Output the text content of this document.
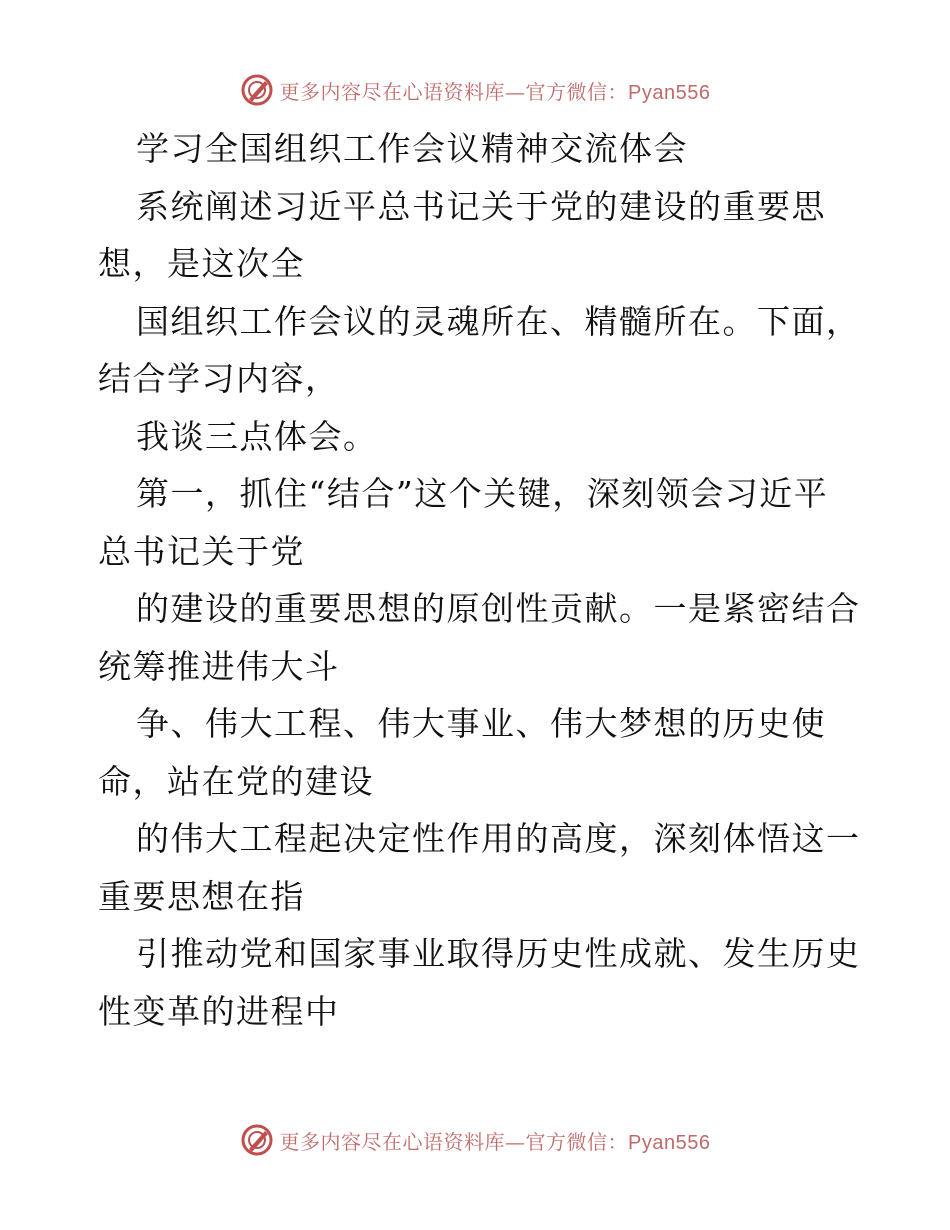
更多内容尽在心语资料库—官方微信：Pyan556
学习全国组织工作会议精神交流体会
系统阐述习近平总书记关于党的建设的重要思
想，是这次全
国组织工作会议的灵魂所在、精髓所在。下面，
结合学习内容，
我谈三点体会。
第一，抓住“结合”这个关键，深刻领会习近平
总书记关于党
的建设的重要思想的原创性贡献。一是紧密结合
统筹推进伟大斗
争、伟大工程、伟大事业、伟大梦想的历史使
命，站在党的建设
的伟大工程起决定性作用的高度，深刻体悟这一
重要思想在指
引推动党和国家事业取得历史性成就、发生历史
性变革的进程中
更多内容尽在心语资料库—官方微信：Pyan556
